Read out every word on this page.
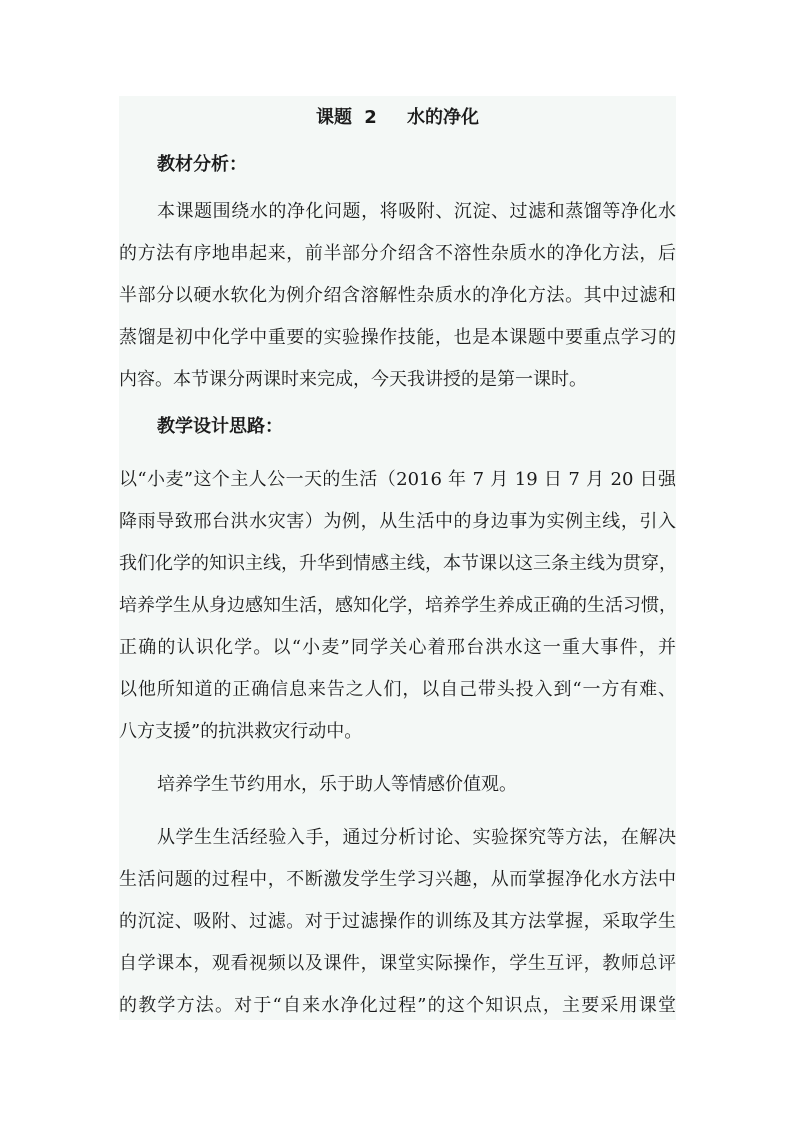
课题 2　 水的净化
教材分析：
本课题围绕水的净化问题，将吸附、沉淀、过滤和蒸馏等净化水
的方法有序地串起来，前半部分介绍含不溶性杂质水的净化方法，后
半部分以硬水软化为例介绍含溶解性杂质水的净化方法。其中过滤和
蒸馏是初中化学中重要的实验操作技能，也是本课题中要重点学习的
内容。本节课分两课时来完成，今天我讲授的是第一课时。
教学设计思路：
以“小麦”这个主人公一天的生活（2016 年 7 月 19 日 7 月 20 日强
降雨导致邢台洪水灾害）为例，从生活中的身边事为实例主线，引入
我们化学的知识主线，升华到情感主线，本节课以这三条主线为贯穿，
培养学生从身边感知生活，感知化学，培养学生养成正确的生活习惯，
正确的认识化学。以“小麦”同学关心着邢台洪水这一重大事件，并
以他所知道的正确信息来告之人们，以自己带头投入到“一方有难、
八方支援”的抗洪救灾行动中。
培养学生节约用水，乐于助人等情感价值观。
从学生生活经验入手，通过分析讨论、实验探究等方法，在解决
生活问题的过程中，不断激发学生学习兴趣，从而掌握净化水方法中
的沉淀、吸附、过滤。对于过滤操作的训练及其方法掌握，采取学生
自学课本，观看视频以及课件，课堂实际操作，学生互评，教师总评
的教学方法。对于“自来水净化过程”的这个知识点，主要采用课堂
